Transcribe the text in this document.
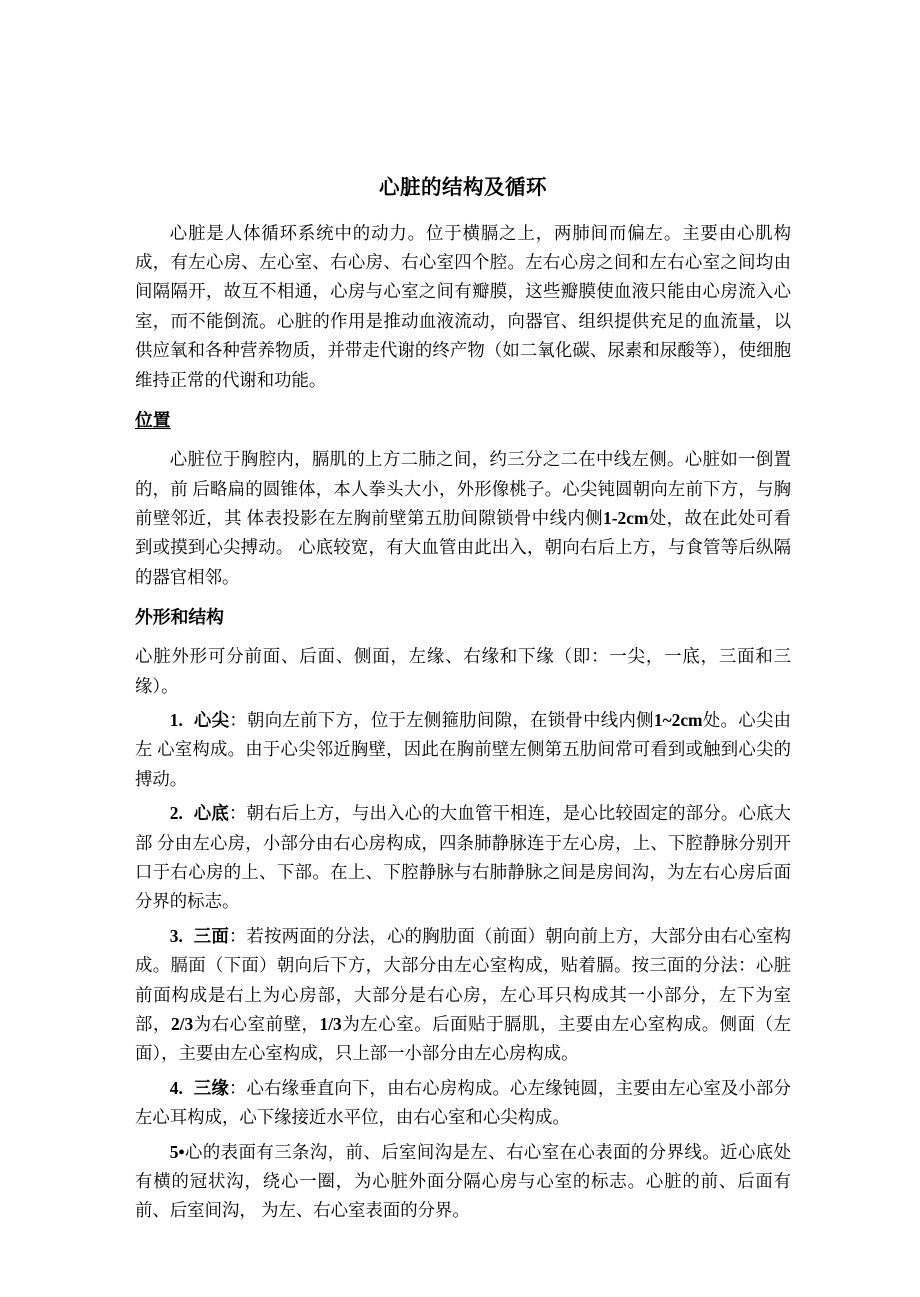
心脏的结构及循环

心脏是人体循环系统中的动力。位于横膈之上，两肺间而偏左。主要由心肌构成，有左心房、左心室、右心房、右心室四个腔。左右心房之间和左右心室之间均由间隔隔开，故互不相通，心房与心室之间有瓣膜，这些瓣膜使血液只能由心房流入心室，而不能倒流。心脏的作用是推动血液流动，向器官、组织提供充足的血流量，以供应氧和各种营养物质，并带走代谢的终产物（如二氧化碳、尿素和尿酸等），使细胞维持正常的代谢和功能。

位置

心脏位于胸腔内，膈肌的上方二肺之间，约三分之二在中线左侧。心脏如一倒置的，前 后略扁的圆锥体，本人拳头大小，外形像桃子。心尖钝圆朝向左前下方，与胸前壁邻近，其 体表投影在左胸前壁第五肋间隙锁骨中线内侧1-2cm处，故在此处可看到或摸到心尖搏动。 心底较宽，有大血管由此出入，朝向右后上方，与食管等后纵隔的器官相邻。

外形和结构

心脏外形可分前面、后面、侧面，左缘、右缘和下缘（即：一尖，一底，三面和三缘）。

1. 心尖：朝向左前下方，位于左侧箍肋间隙，在锁骨中线内侧1~2cm处。心尖由左 心室构成。由于心尖邻近胸壁，因此在胸前壁左侧第五肋间常可看到或触到心尖的搏动。

2. 心底：朝右后上方，与出入心的大血管干相连，是心比较固定的部分。心底大部 分由左心房，小部分由右心房构成，四条肺静脉连于左心房，上、下腔静脉分别开口于右心房的上、下部。在上、下腔静脉与右肺静脉之间是房间沟，为左右心房后面分界的标志。

3. 三面：若按两面的分法，心的胸肋面（前面）朝向前上方，大部分由右心室构成。膈面（下面）朝向后下方，大部分由左心室构成，贴着膈。按三面的分法：心脏前面构成是右上为心房部，大部分是右心房，左心耳只构成其一小部分，左下为室部，2/3为右心室前壁，1/3为左心室。后面贴于膈肌，主要由左心室构成。侧面（左面），主要由左心室构成，只上部一小部分由左心房构成。

4. 三缘：心右缘垂直向下，由右心房构成。心左缘钝圆，主要由左心室及小部分左心耳构成，心下缘接近水平位，由右心室和心尖构成。

5•心的表面有三条沟，前、后室间沟是左、右心室在心表面的分界线。近心底处有横的冠状沟，绕心一圈，为心脏外面分隔心房与心室的标志。心脏的前、后面有前、后室间沟， 为左、右心室表面的分界。
